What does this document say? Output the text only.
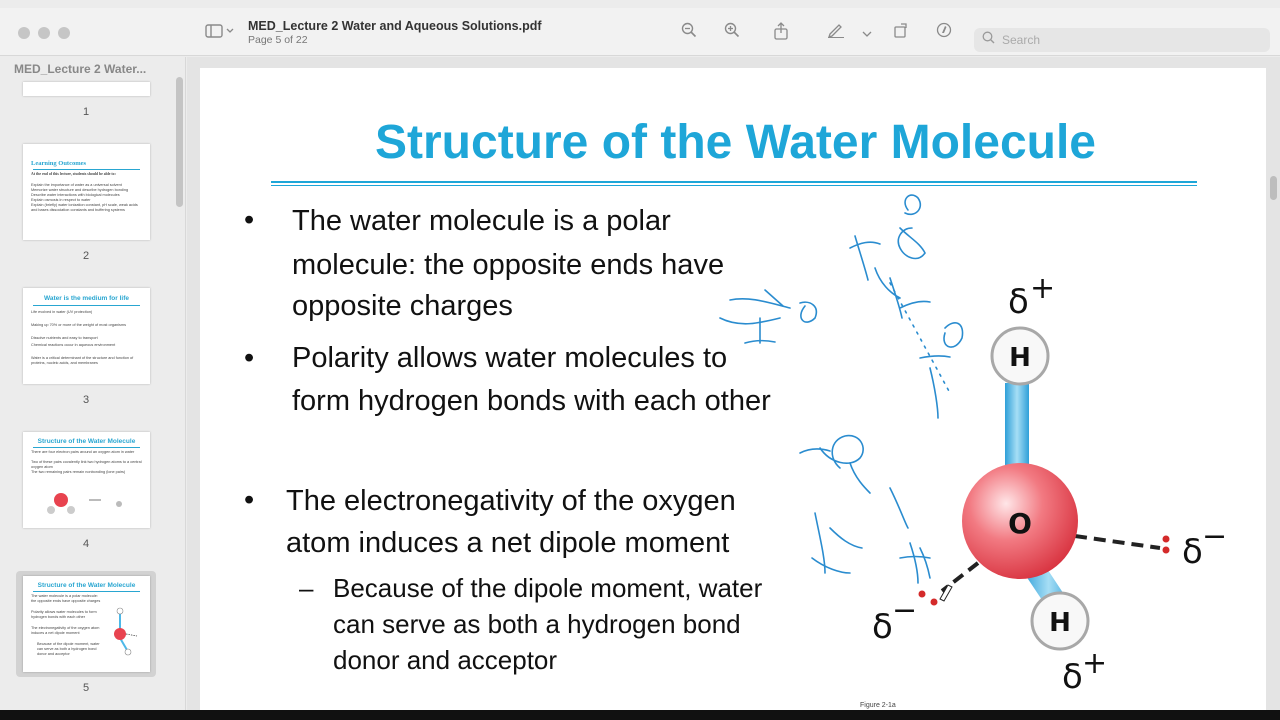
MED_Lecture 2 Water and Aqueous Solutions.pdf
Page 5 of 22	Search
MED_Lecture 2 Water...
1
Learning Outcomes
At the end of this lecture, students should be able to:
Explain the importance of water as a universal solvent
Memorize water structure and describe hydrogen bonding
Describe water interactions with biological molecules
Explain osmosis in respect to water
Explain (briefly) water ionization constant, pH scale, weak acids and bases dissociation constants and buffering systems
2
Water is the medium for life
Life evolved in water (UV protection)
Making up 70% or more of the weight of most organisms
Dissolve nutrients and easy to transport
Chemical reactions occur in aqueous environment
Water is a critical determinant of the structure and function of proteins, nucleic acids, and membranes
3
Structure of the Water Molecule
There are four electron pairs around an oxygen atom in water
Two of these pairs covalently link two hydrogen atoms to a central oxygen atom
The two remaining pairs remain nonbonding (lone pairs)
4
Structure of the Water Molecule
The water molecule is a polar molecule: the opposite ends have opposite charges
Polarity allows water molecules to form hydrogen bonds with each other
The electronegativity of the oxygen atom induces a net dipole moment
Because of the dipole moment, water can serve as both a hydrogen bond donor and acceptor
5
Structure of the Water Molecule
• The water molecule is a polar
molecule: the opposite ends have
opposite charges
• Polarity allows water molecules to
form hydrogen bonds with each other
• The electronegativity of the oxygen
atom induces a net dipole moment
– Because of the dipole moment, water
can serve as both a hydrogen bond
donor and acceptor
O
H
H
δ +
δ +
δ −
δ −
Figure 2-1a
